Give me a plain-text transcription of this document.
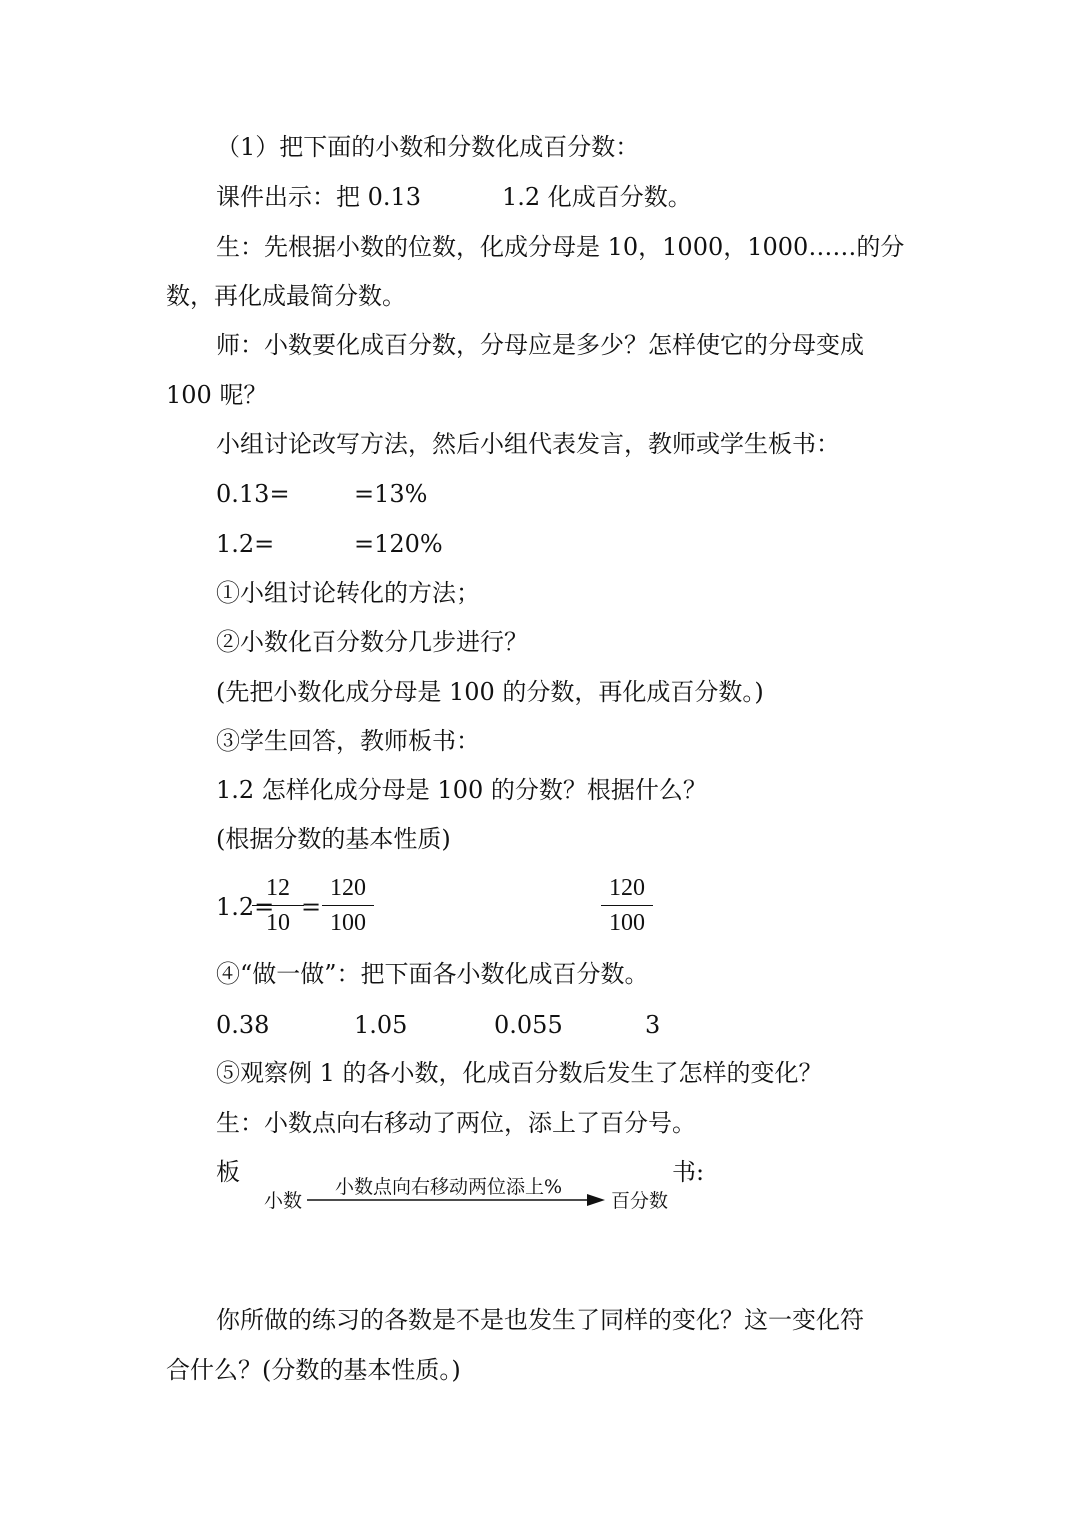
（1）把下面的小数和分数化成百分数：
课件出示：把 0.13	1.2 化成百分数。
生：先根据小数的位数，化成分母是 10，1000，1000……的分
数，再化成最简分数。
师：小数要化成百分数，分母应是多少？怎样使它的分母变成
100 呢？
小组讨论改写方法，然后小组代表发言，教师或学生板书：
0.13=	=13%
1.2=	=120%
①小组讨论转化的方法；
②小数化百分数分几步进行？
(先把小数化成分母是 100 的分数，再化成百分数。)
③学生回答，教师板书：
1.2 怎样化成分母是 100 的分数？根据什么？
(根据分数的基本性质)
1.2=
12
10
=
120
100
120
100
④“做一做”：把下面各小数化成百分数。
0.38	1.05	0.055	3
⑤观察例 1 的各小数，化成百分数后发生了怎样的变化？
生：小数点向右移动了两位，添上了百分号。
板	书:
小数
小数点向右移动两位添上%
百分数
你所做的练习的各数是不是也发生了同样的变化？这一变化符
合什么？(分数的基本性质。)
